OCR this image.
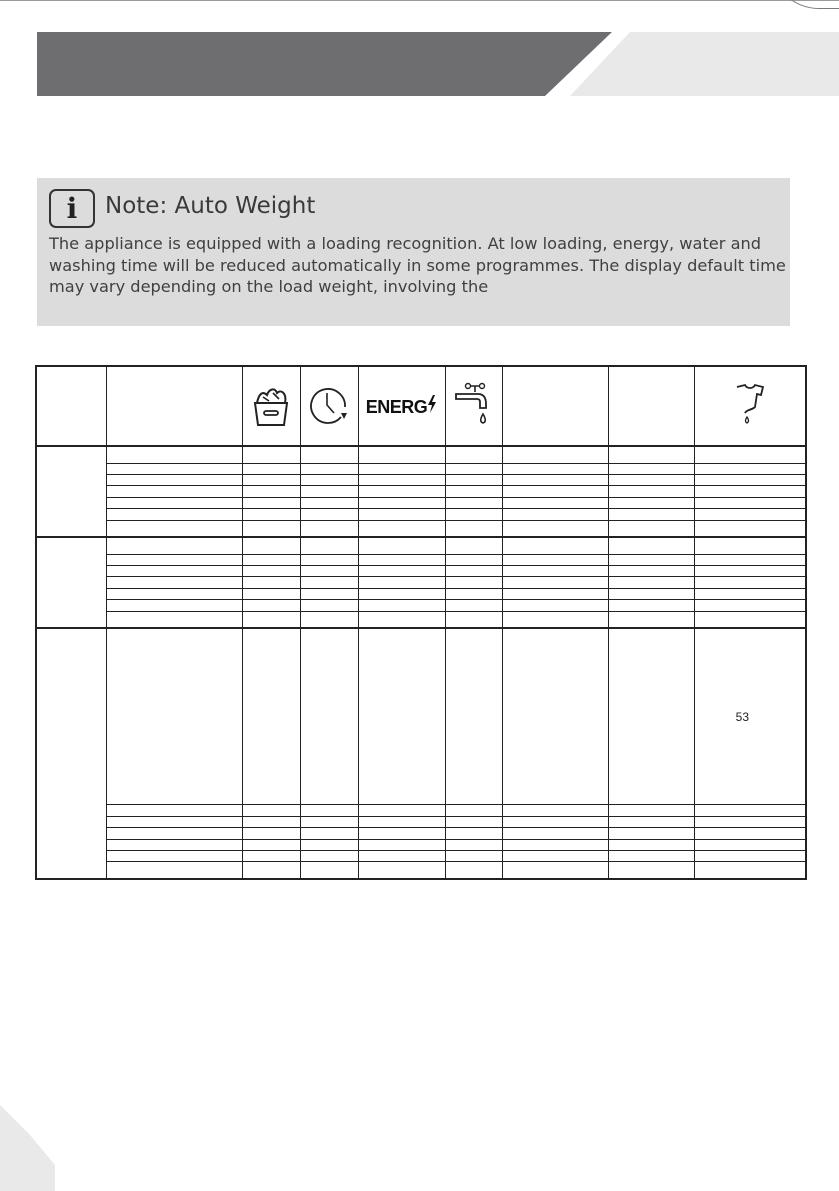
i	Note: Auto Weight
The appliance is equipped with a loading recognition. At low loading, energy, water and washing time will be reduced automatically in some programmes. The display default time may vary depending on the load weight, involving the
				ENERG				

								53
